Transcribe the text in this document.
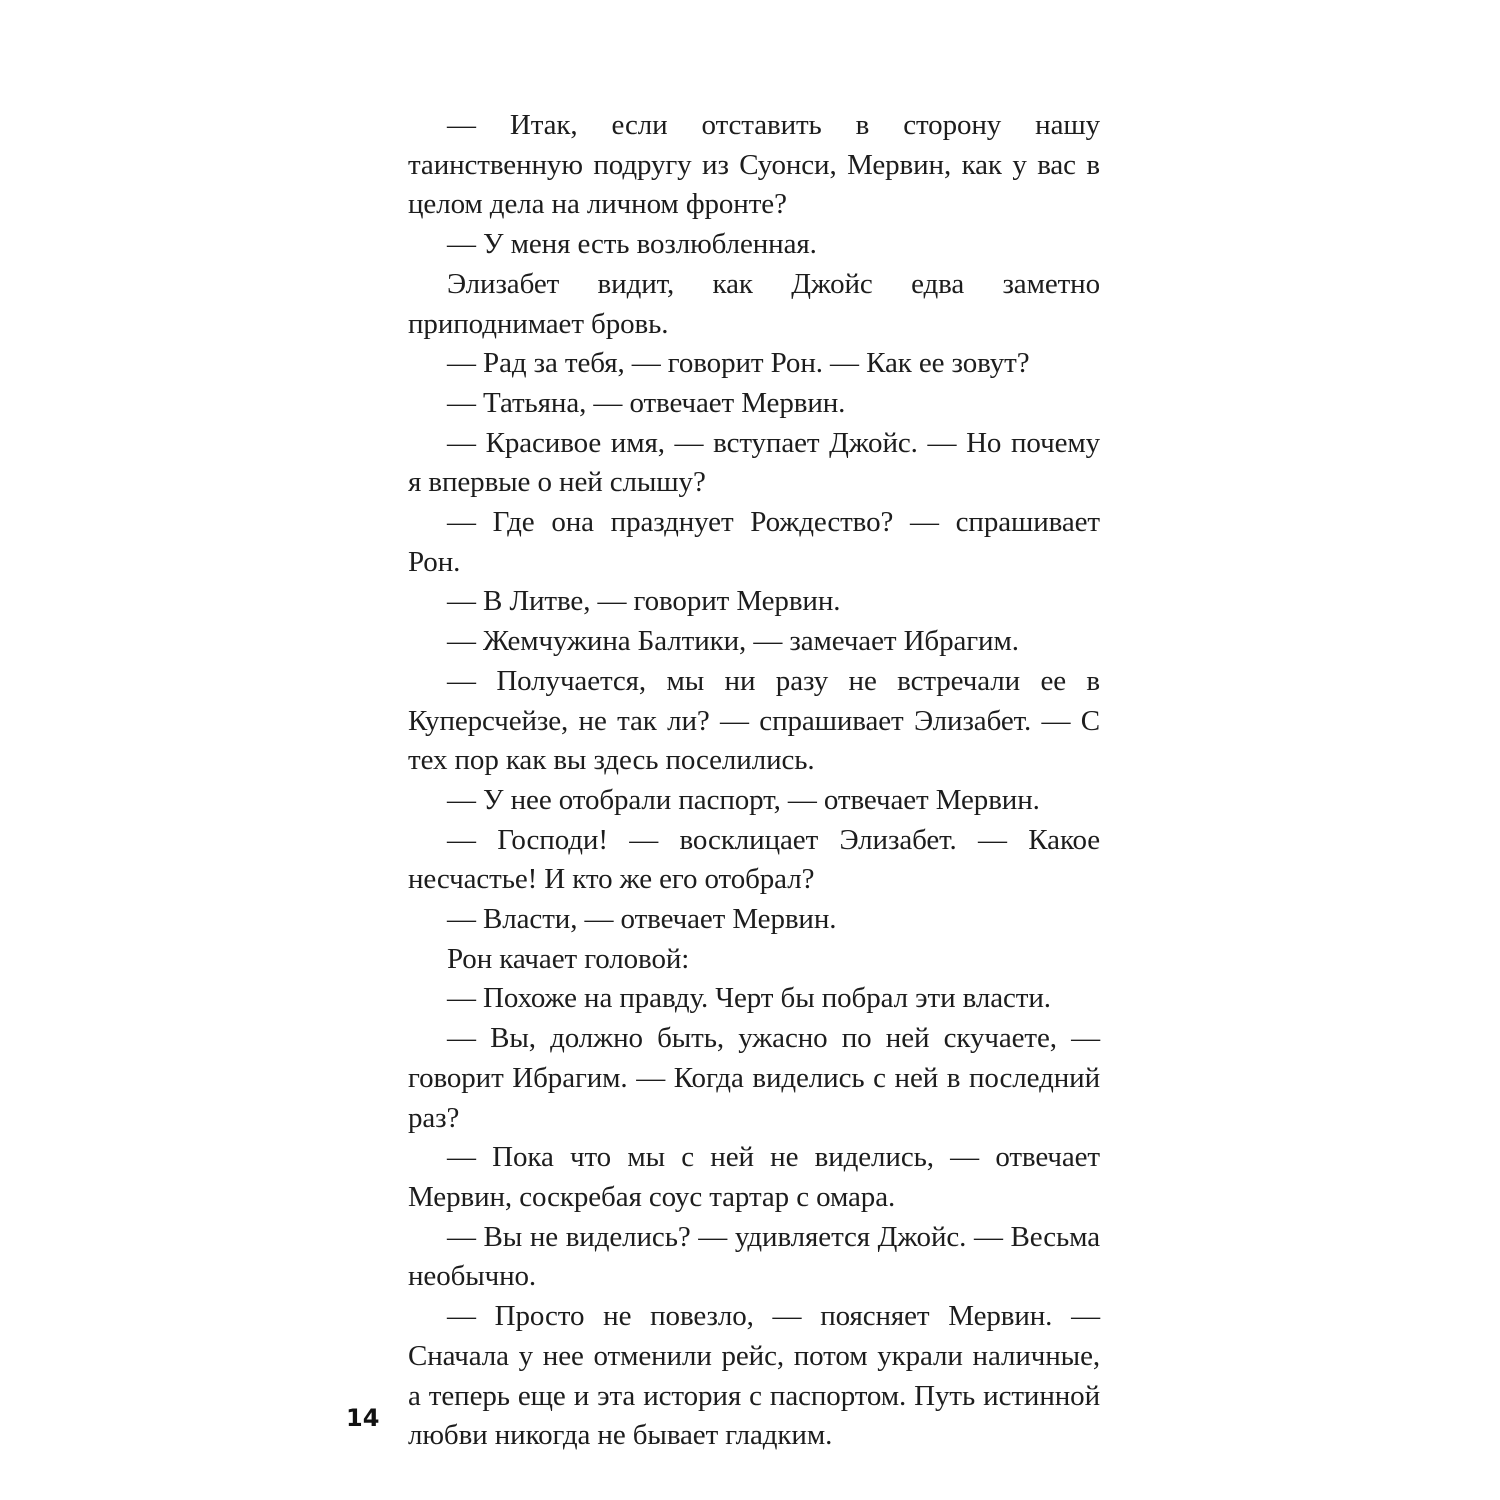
— Итак, если отставить в сторону нашу таинственную подругу из Суонси, Мервин, как у вас в целом дела на личном фронте?

— У меня есть возлюбленная.

Элизабет видит, как Джойс едва заметно приподнимает бровь.

— Рад за тебя, — говорит Рон. — Как ее зовут?

— Татьяна, — отвечает Мервин.

— Красивое имя, — вступает Джойс. — Но почему я впервые о ней слышу?

— Где она празднует Рождество? — спрашивает Рон.

— В Литве, — говорит Мервин.

— Жемчужина Балтики, — замечает Ибрагим.

— Получается, мы ни разу не встречали ее в Куперсчейзе, не так ли? — спрашивает Элизабет. — С тех пор как вы здесь поселились.

— У нее отобрали паспорт, — отвечает Мервин.

— Господи! — восклицает Элизабет. — Какое несчастье! И кто же его отобрал?

— Власти, — отвечает Мервин.

Рон качает головой:

— Похоже на правду. Черт бы побрал эти власти.

— Вы, должно быть, ужасно по ней скучаете, — говорит Ибрагим. — Когда виделись с ней в последний раз?

— Пока что мы с ней не виделись, — отвечает Мервин, соскребая соус тартар с омара.

— Вы не виделись? — удивляется Джойс. — Весьма необычно.

— Просто не повезло, — поясняет Мервин. — Сначала у нее отменили рейс, потом украли наличные, а теперь еще и эта история с паспортом. Путь истинной любви никогда не бывает гладким.

14
